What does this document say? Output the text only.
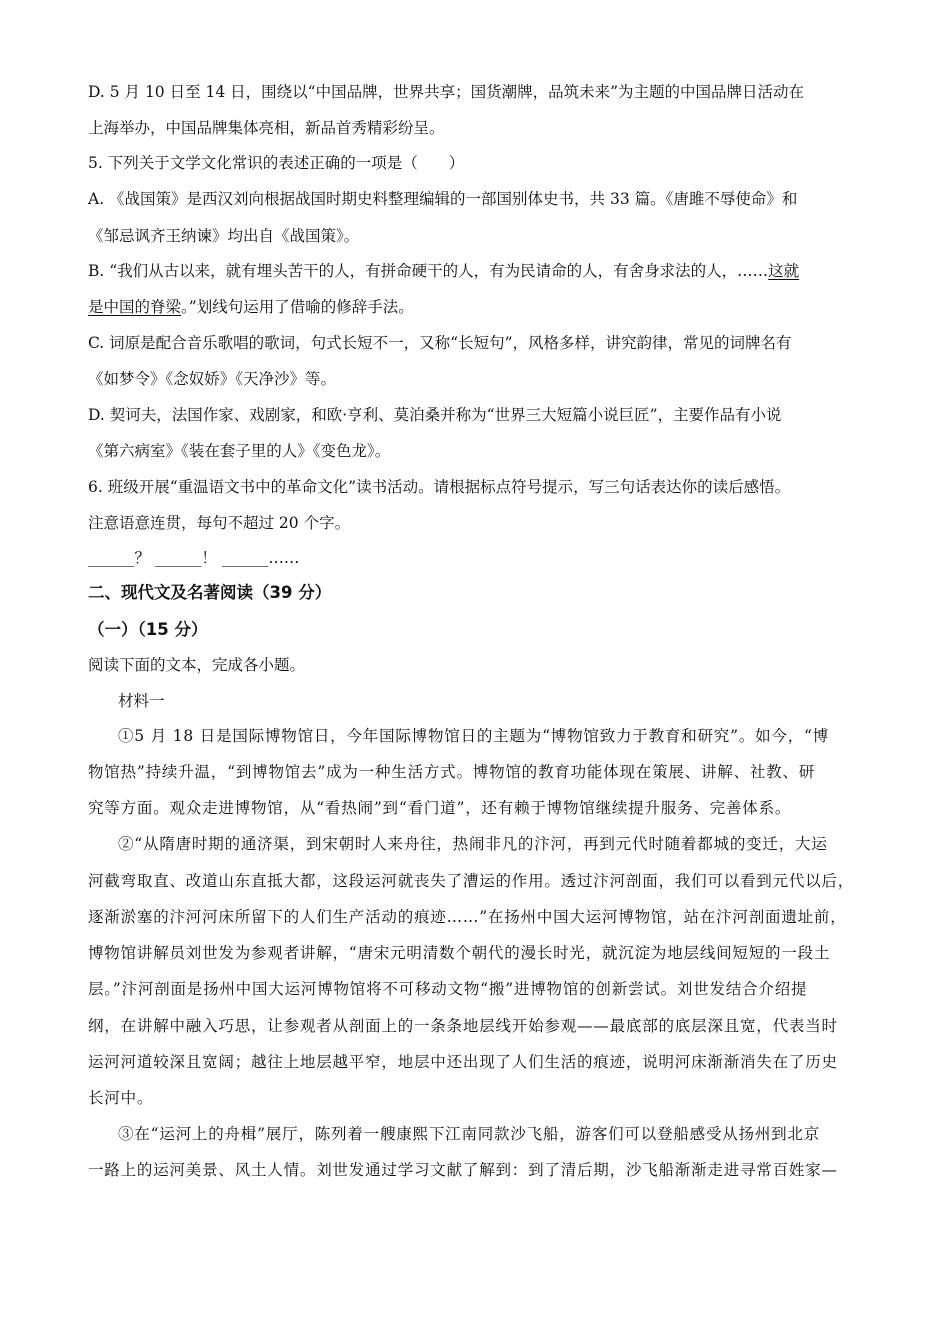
D. 5 月 10 日至 14 日，围绕以“中国品牌，世界共享；国货潮牌，品筑未来”为主题的中国品牌日活动在
上海举办，中国品牌集体亮相，新品首秀精彩纷呈。
5. 下列关于文学文化常识的表述正确的一项是（　　）
A. 《战国策》是西汉刘向根据战国时期史料整理编辑的一部国别体史书，共 33 篇。《唐雎不辱使命》和
《邹忌讽齐王纳谏》均出自《战国策》。
B. “我们从古以来，就有埋头苦干的人，有拼命硬干的人，有为民请命的人，有舍身求法的人，……这就
是中国的脊梁。”划线句运用了借喻的修辞手法。
C. 词原是配合音乐歌唱的歌词，句式长短不一，又称“长短句”，风格多样，讲究韵律，常见的词牌名有
《如梦令》《念奴娇》《天净沙》等。
D. 契诃夫，法国作家、戏剧家，和欧·亨利、莫泊桑并称为“世界三大短篇小说巨匠”，主要作品有小说
《第六病室》《装在套子里的人》《变色龙》。
6. 班级开展“重温语文书中的革命文化”读书活动。请根据标点符号提示，写三句话表达你的读后感悟。
注意语意连贯，每句不超过 20 个字。
______？ ______！ ______……
二、现代文及名著阅读（39 分）
（一）（15 分）
阅读下面的文本，完成各小题。
材料一
①5 月 18 日是国际博物馆日，今年国际博物馆日的主题为“博物馆致力于教育和研究”。如今，“博
物馆热”持续升温，“到博物馆去”成为一种生活方式。博物馆的教育功能体现在策展、讲解、社教、研
究等方面。观众走进博物馆，从“看热闹”到“看门道”，还有赖于博物馆继续提升服务、完善体系。
②“从隋唐时期的通济渠，到宋朝时人来舟往，热闹非凡的汴河，再到元代时随着都城的变迁，大运
河截弯取直、改道山东直抵大都，这段运河就丧失了漕运的作用。透过汴河剖面，我们可以看到元代以后，
逐渐淤塞的汴河河床所留下的人们生产活动的痕迹……”在扬州中国大运河博物馆，站在汴河剖面遗址前，
博物馆讲解员刘世发为参观者讲解，“唐宋元明清数个朝代的漫长时光，就沉淀为地层线间短短的一段土
层。”汴河剖面是扬州中国大运河博物馆将不可移动文物“搬”进博物馆的创新尝试。刘世发结合介绍提
纲，在讲解中融入巧思，让参观者从剖面上的一条条地层线开始参观——最底部的底层深且宽，代表当时
运河河道较深且宽阔；越往上地层越平窄，地层中还出现了人们生活的痕迹，说明河床渐渐消失在了历史
长河中。
③在“运河上的舟楫”展厅，陈列着一艘康熙下江南同款沙飞船，游客们可以登船感受从扬州到北京
一路上的运河美景、风土人情。刘世发通过学习文献了解到：到了清后期，沙飞船渐渐走进寻常百姓家—
